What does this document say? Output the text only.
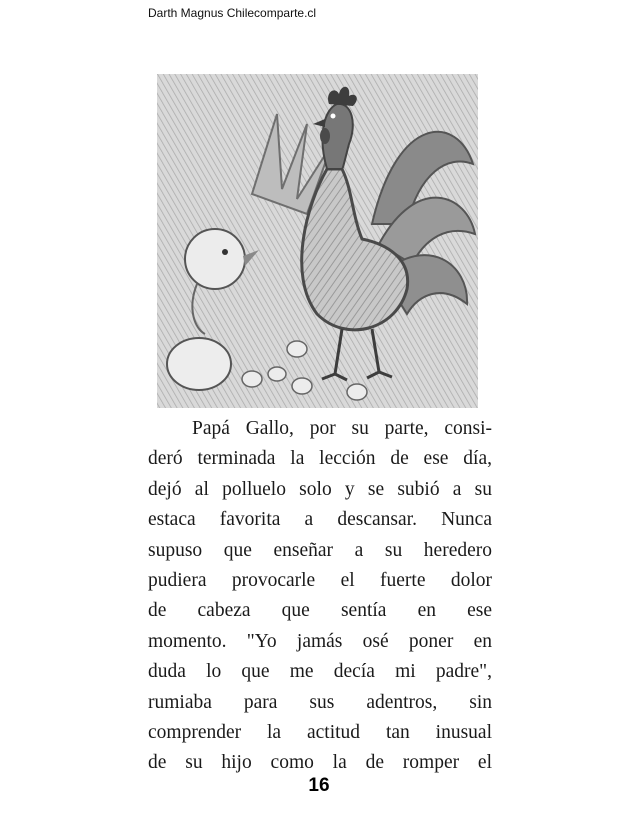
Darth Magnus Chilecomparte.cl
Papá Gallo, por su parte, consi-
deró terminada la lección de ese día,
dejó al polluelo solo y se subió a su
estaca favorita a descansar. Nunca
supuso que enseñar a su heredero
pudiera provocarle el fuerte dolor
de cabeza que sentía en ese
momento. "Yo jamás osé poner en
duda lo que me decía mi padre",
rumiaba para sus adentros, sin
comprender la actitud tan inusual
de su hijo como la de romper el
16
